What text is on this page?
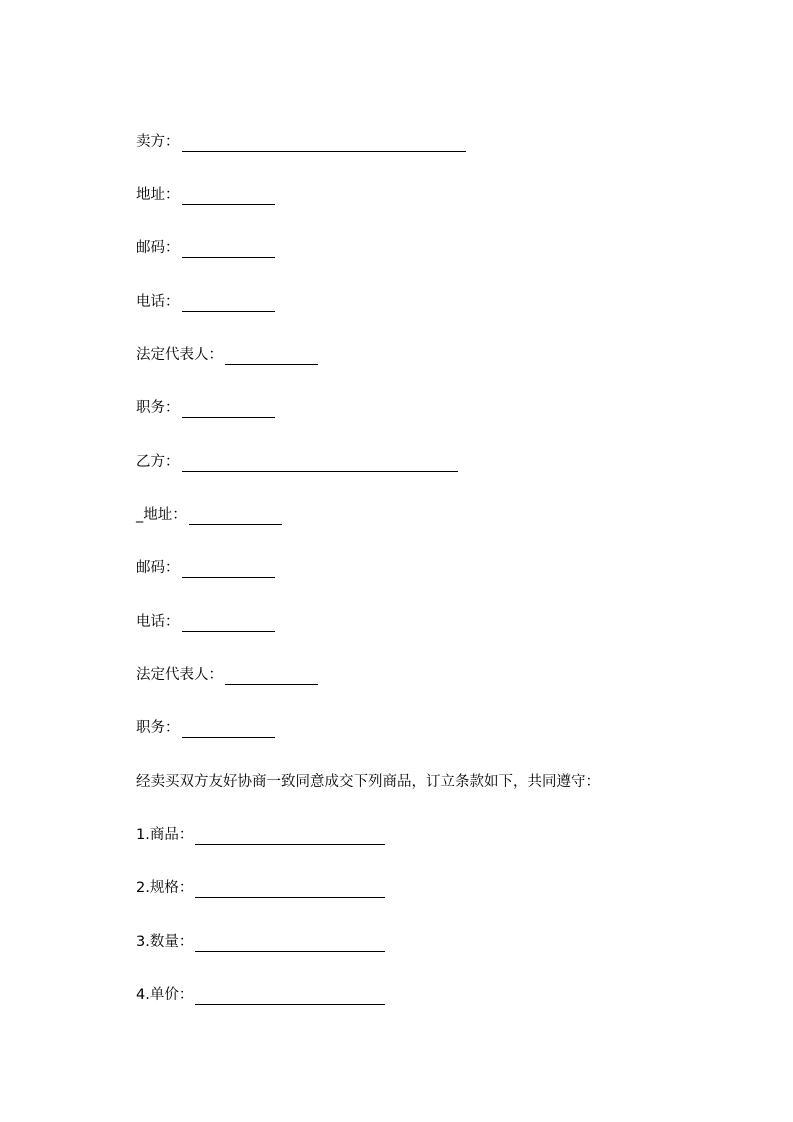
卖方：
地址：
邮码：
电话：
法定代表人：
职务：
乙方：
_地址：
邮码：
电话：
法定代表人：
职务：
经卖买双方友好协商一致同意成交下列商品，订立条款如下，共同遵守：
1.商品：
2.规格：
3.数量：
4.单价：
